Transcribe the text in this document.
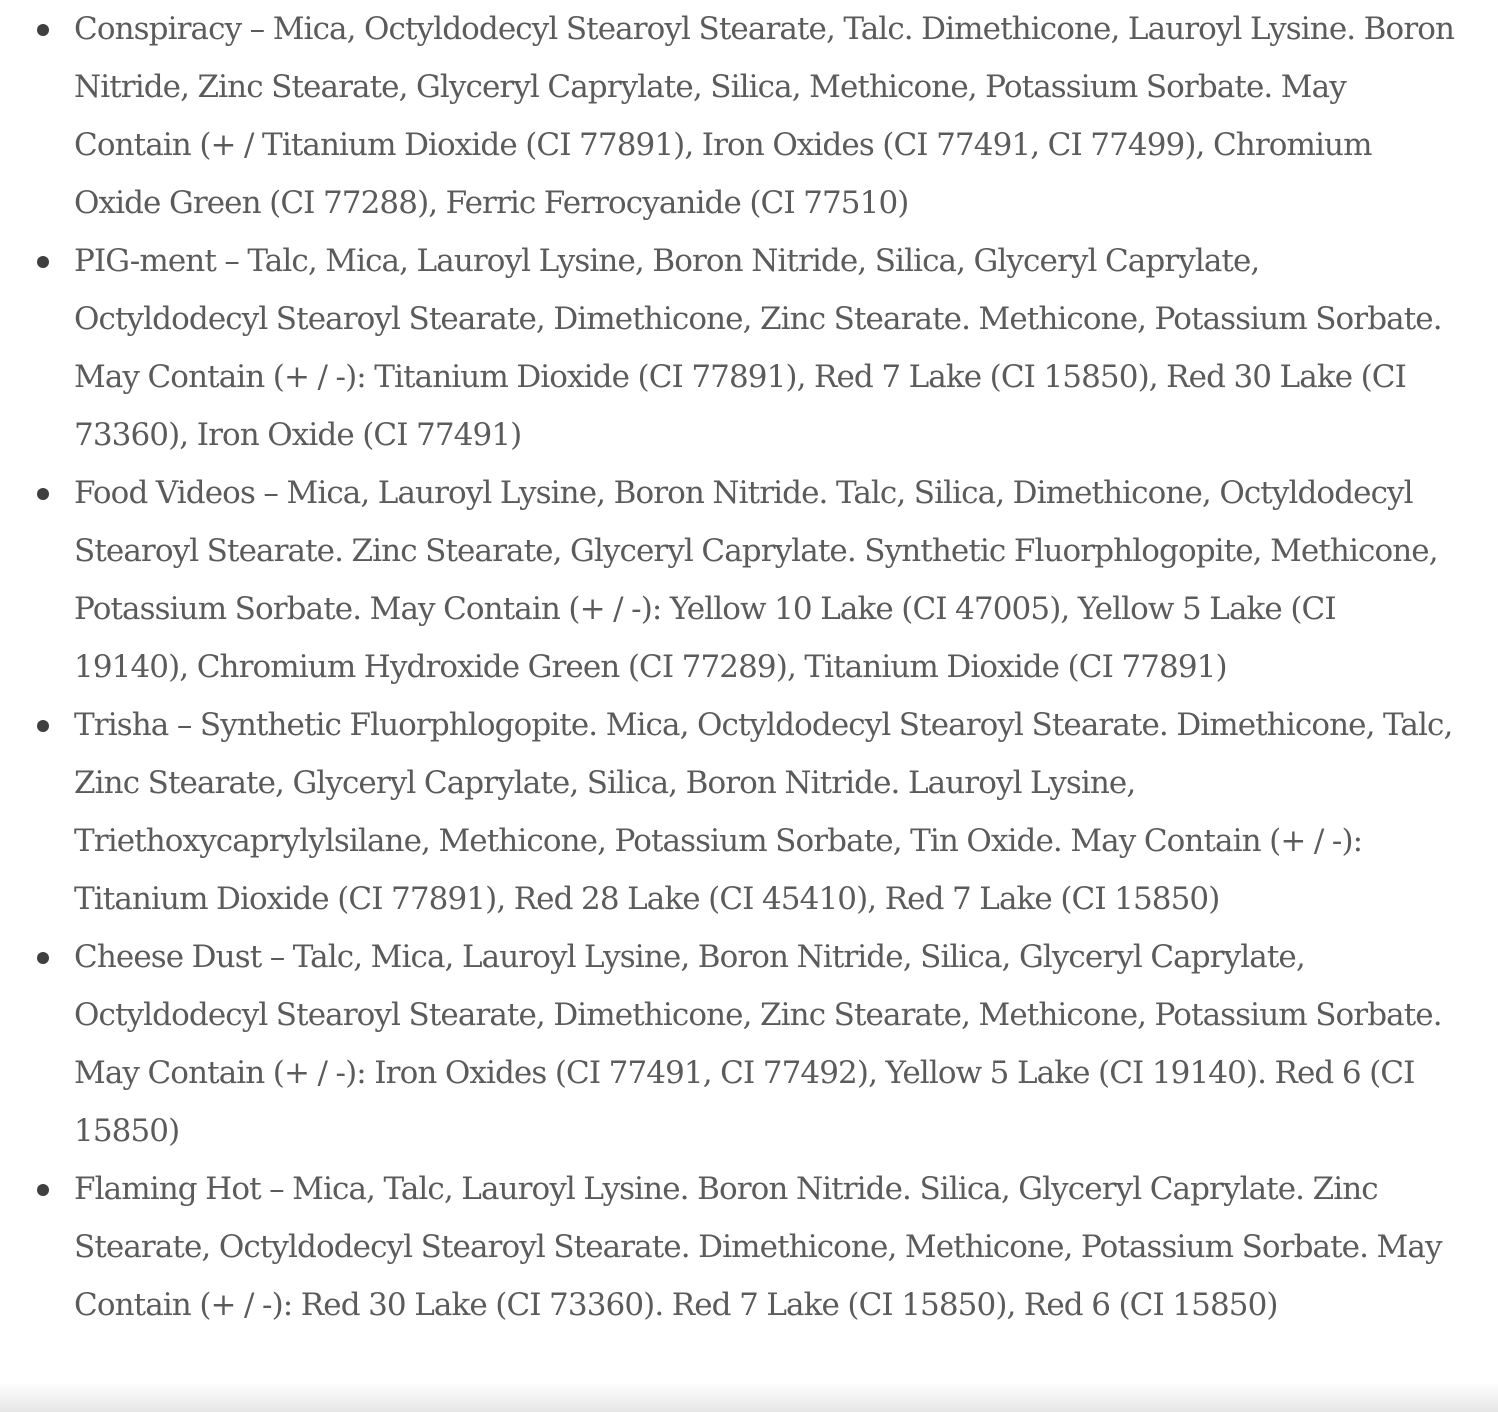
Conspiracy – Mica, Octyldodecyl Stearoyl Stearate, Talc. Dimethicone, Lauroyl Lysine. Boron Nitride, Zinc Stearate, Glyceryl Caprylate, Silica, Methicone, Potassium Sorbate. May Contain (+ / Titanium Dioxide (CI 77891), Iron Oxides (CI 77491, CI 77499), Chromium Oxide Green (CI 77288), Ferric Ferrocyanide (CI 77510)
PIG-ment – Talc, Mica, Lauroyl Lysine, Boron Nitride, Silica, Glyceryl Caprylate, Octyldodecyl Stearoyl Stearate, Dimethicone, Zinc Stearate. Methicone, Potassium Sorbate. May Contain (+ / -): Titanium Dioxide (CI 77891), Red 7 Lake (CI 15850), Red 30 Lake (CI 73360), Iron Oxide (CI 77491)
Food Videos – Mica, Lauroyl Lysine, Boron Nitride. Talc, Silica, Dimethicone, Octyldodecyl Stearoyl Stearate. Zinc Stearate, Glyceryl Caprylate. Synthetic Fluorphlogopite, Methicone, Potassium Sorbate. May Contain (+ / -): Yellow 10 Lake (CI 47005), Yellow 5 Lake (CI 19140), Chromium Hydroxide Green (CI 77289), Titanium Dioxide (CI 77891)
Trisha – Synthetic Fluorphlogopite. Mica, Octyldodecyl Stearoyl Stearate. Dimethicone, Talc, Zinc Stearate, Glyceryl Caprylate, Silica, Boron Nitride. Lauroyl Lysine, Triethoxycaprylylsilane, Methicone, Potassium Sorbate, Tin Oxide. May Contain (+ / -): Titanium Dioxide (CI 77891), Red 28 Lake (CI 45410), Red 7 Lake (CI 15850)
Cheese Dust – Talc, Mica, Lauroyl Lysine, Boron Nitride, Silica, Glyceryl Caprylate, Octyldodecyl Stearoyl Stearate, Dimethicone, Zinc Stearate, Methicone, Potassium Sorbate. May Contain (+ / -): Iron Oxides (CI 77491, CI 77492), Yellow 5 Lake (CI 19140). Red 6 (CI 15850)
Flaming Hot – Mica, Talc, Lauroyl Lysine. Boron Nitride. Silica, Glyceryl Caprylate. Zinc Stearate, Octyldodecyl Stearoyl Stearate. Dimethicone, Methicone, Potassium Sorbate. May Contain (+ / -): Red 30 Lake (CI 73360). Red 7 Lake (CI 15850), Red 6 (CI 15850)
